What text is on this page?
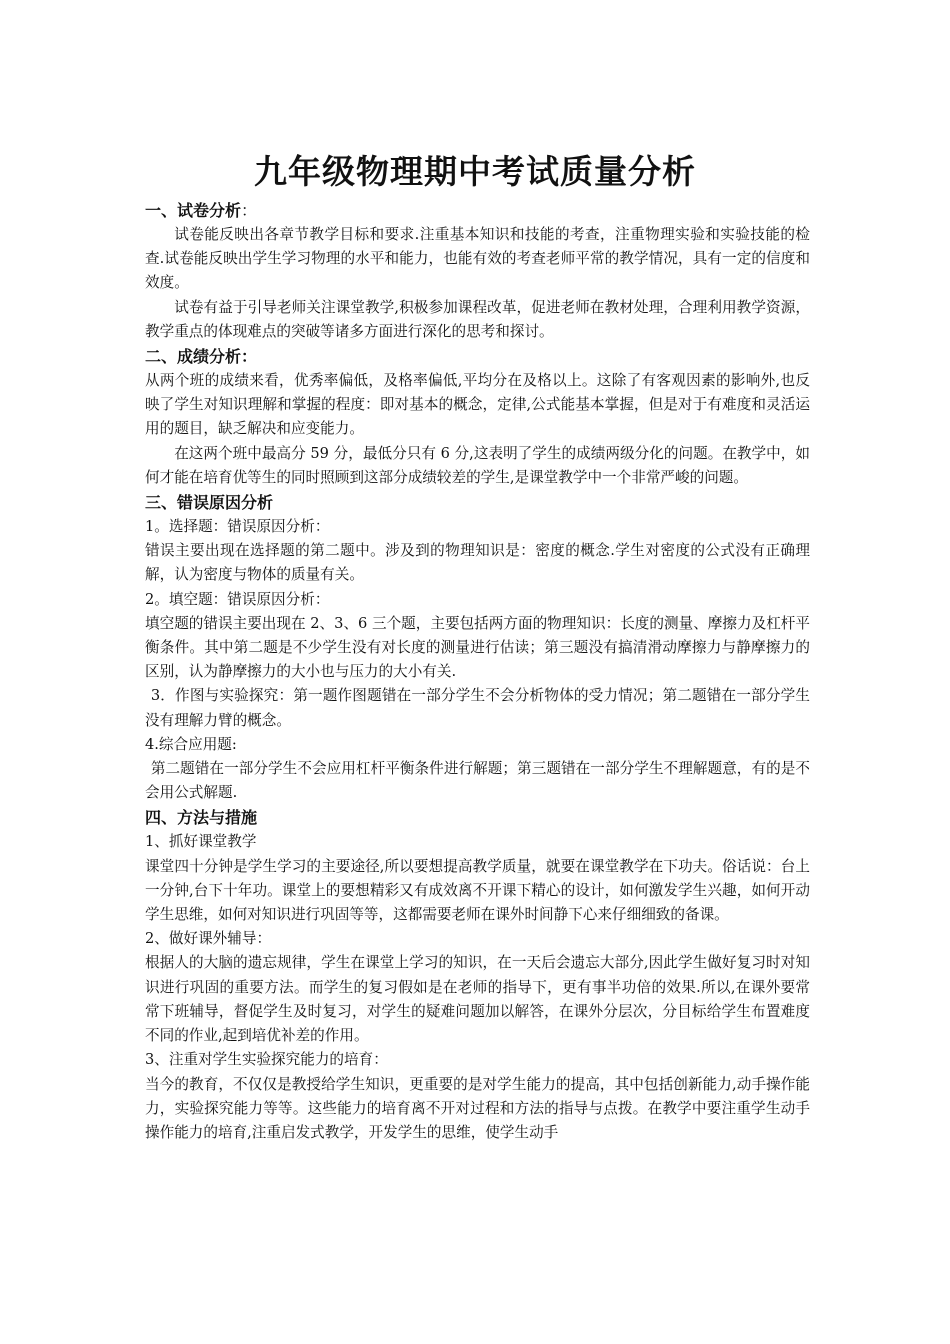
九年级物理期中考试质量分析
一、试卷分析：

试卷能反映出各章节教学目标和要求.注重基本知识和技能的考查，注重物理实验和实验技能的检查.试卷能反映出学生学习物理的水平和能力，也能有效的考查老师平常的教学情况，具有一定的信度和效度。

试卷有益于引导老师关注课堂教学,积极参加课程改革，促进老师在教材处理，合理利用教学资源，教学重点的体现难点的突破等诸多方面进行深化的思考和探讨。

二、成绩分析：

从两个班的成绩来看，优秀率偏低，及格率偏低,平均分在及格以上。这除了有客观因素的影响外,也反映了学生对知识理解和掌握的程度：即对基本的概念，定律,公式能基本掌握，但是对于有难度和灵活运用的题目，缺乏解决和应变能力。

在这两个班中最高分 59 分，最低分只有 6 分,这表明了学生的成绩两级分化的问题。在教学中，如何才能在培育优等生的同时照顾到这部分成绩较差的学生,是课堂教学中一个非常严峻的问题。

三、错误原因分析

1。选择题：错误原因分析：

错误主要出现在选择题的第二题中。涉及到的物理知识是：密度的概念.学生对密度的公式没有正确理解，认为密度与物体的质量有关。

2。填空题：错误原因分析：

填空题的错误主要出现在 2、3、6 三个题，主要包括两方面的物理知识：长度的测量、摩擦力及杠杆平衡条件。其中第二题是不少学生没有对长度的测量进行估读；第三题没有搞清滑动摩擦力与静摩擦力的区别，认为静摩擦力的大小也与压力的大小有关.

3．作图与实验探究：第一题作图题错在一部分学生不会分析物体的受力情况；第二题错在一部分学生没有理解力臂的概念。

4.综合应用题:

第二题错在一部分学生不会应用杠杆平衡条件进行解题；第三题错在一部分学生不理解题意，有的是不会用公式解题.

四、方法与措施

1、抓好课堂教学

课堂四十分钟是学生学习的主要途径,所以要想提高教学质量，就要在课堂教学在下功夫。俗话说：台上一分钟,台下十年功。课堂上的要想精彩又有成效离不开课下精心的设计，如何激发学生兴趣，如何开动学生思维，如何对知识进行巩固等等，这都需要老师在课外时间静下心来仔细细致的备课。

2、做好课外辅导：

根据人的大脑的遗忘规律，学生在课堂上学习的知识，在一天后会遗忘大部分,因此学生做好复习时对知识进行巩固的重要方法。而学生的复习假如是在老师的指导下，更有事半功倍的效果.所以,在课外要常常下班辅导，督促学生及时复习，对学生的疑难问题加以解答，在课外分层次，分目标给学生布置难度不同的作业,起到培优补差的作用。

3、注重对学生实验探究能力的培育：

当今的教育，不仅仅是教授给学生知识，更重要的是对学生能力的提高，其中包括创新能力,动手操作能力，实验探究能力等等。这些能力的培育离不开对过程和方法的指导与点拨。在教学中要注重学生动手操作能力的培育,注重启发式教学，开发学生的思维，使学生动手
